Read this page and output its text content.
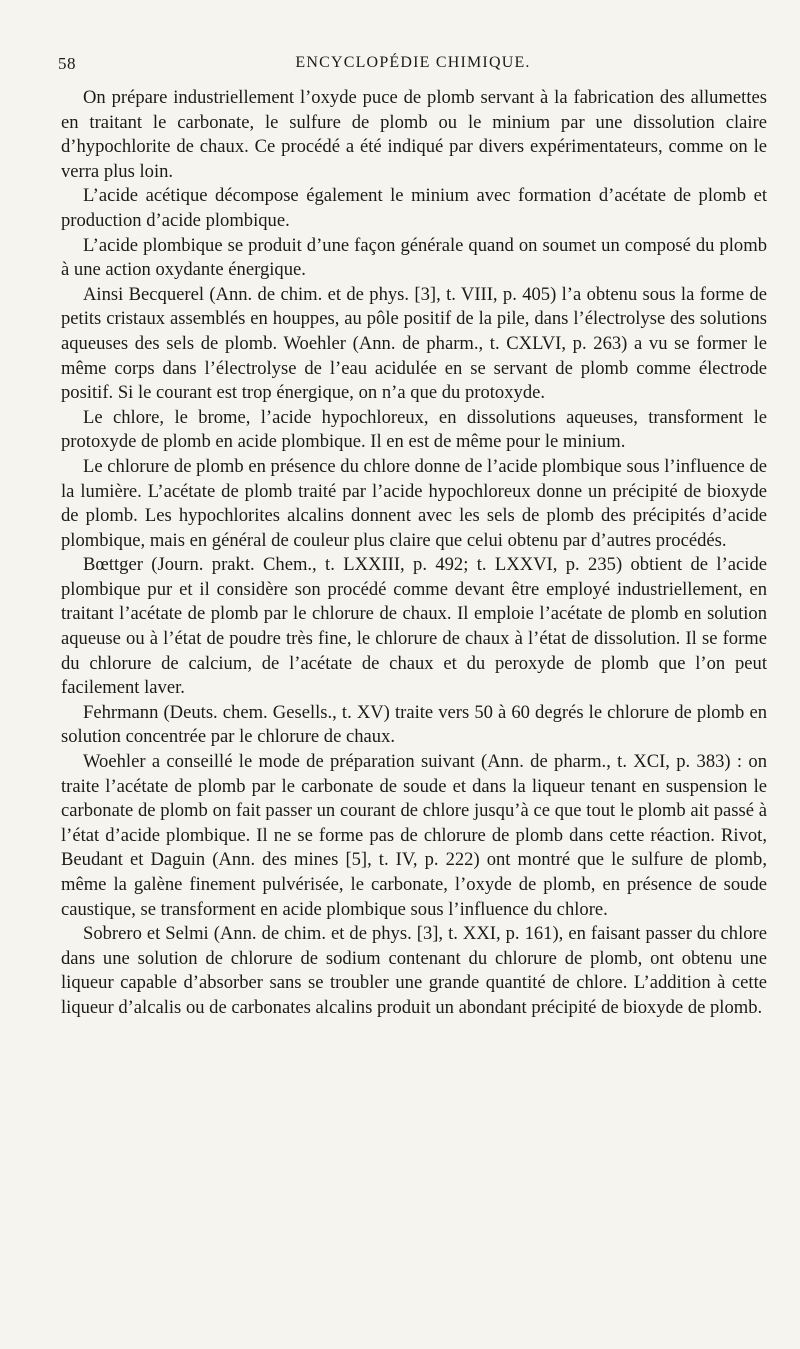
58	ENCYCLOPÉDIE CHIMIQUE.

On prépare industriellement l’oxyde puce de plomb servant à la fabrication des allumettes en traitant le carbonate, le sulfure de plomb ou le minium par une dissolution claire d’hypochlorite de chaux. Ce procédé a été indiqué par divers expérimentateurs, comme on le verra plus loin.

L’acide acétique décompose également le minium avec formation d’acétate de plomb et production d’acide plombique.

L’acide plombique se produit d’une façon générale quand on soumet un composé du plomb à une action oxydante énergique.

Ainsi Becquerel (Ann. de chim. et de phys. [3], t. VIII, p. 405) l’a obtenu sous la forme de petits cristaux assemblés en houppes, au pôle positif de la pile, dans l’électrolyse des solutions aqueuses des sels de plomb. Woehler (Ann. de pharm., t. CXLVI, p. 263) a vu se former le même corps dans l’électrolyse de l’eau acidulée en se servant de plomb comme électrode positif. Si le courant est trop énergique, on n’a que du protoxyde.

Le chlore, le brome, l’acide hypochloreux, en dissolutions aqueuses, transforment le protoxyde de plomb en acide plombique. Il en est de même pour le minium.

Le chlorure de plomb en présence du chlore donne de l’acide plombique sous l’influence de la lumière. L’acétate de plomb traité par l’acide hypochloreux donne un précipité de bioxyde de plomb. Les hypochlorites alcalins donnent avec les sels de plomb des précipités d’acide plombique, mais en général de couleur plus claire que celui obtenu par d’autres procédés.

Bœttger (Journ. prakt. Chem., t. LXXIII, p. 492; t. LXXVI, p. 235) obtient de l’acide plombique pur et il considère son procédé comme devant être employé industriellement, en traitant l’acétate de plomb par le chlorure de chaux. Il emploie l’acétate de plomb en solution aqueuse ou à l’état de poudre très fine, le chlorure de chaux à l’état de dissolution. Il se forme du chlorure de calcium, de l’acétate de chaux et du peroxyde de plomb que l’on peut facilement laver.

Fehrmann (Deuts. chem. Gesells., t. XV) traite vers 50 à 60 degrés le chlorure de plomb en solution concentrée par le chlorure de chaux.

Woehler a conseillé le mode de préparation suivant (Ann. de pharm., t. XCI, p. 383) : on traite l’acétate de plomb par le carbonate de soude et dans la liqueur tenant en suspension le carbonate de plomb on fait passer un courant de chlore jusqu’à ce que tout le plomb ait passé à l’état d’acide plombique. Il ne se forme pas de chlorure de plomb dans cette réaction. Rivot, Beudant et Daguin (Ann. des mines [5], t. IV, p. 222) ont montré que le sulfure de plomb, même la galène finement pulvérisée, le carbonate, l’oxyde de plomb, en présence de soude caustique, se transforment en acide plombique sous l’influence du chlore.

Sobrero et Selmi (Ann. de chim. et de phys. [3], t. XXI, p. 161), en faisant passer du chlore dans une solution de chlorure de sodium contenant du chlorure de plomb, ont obtenu une liqueur capable d’absorber sans se troubler une grande quantité de chlore. L’addition à cette liqueur d’alcalis ou de carbonates alcalins produit un abondant précipité de bioxyde de plomb.
